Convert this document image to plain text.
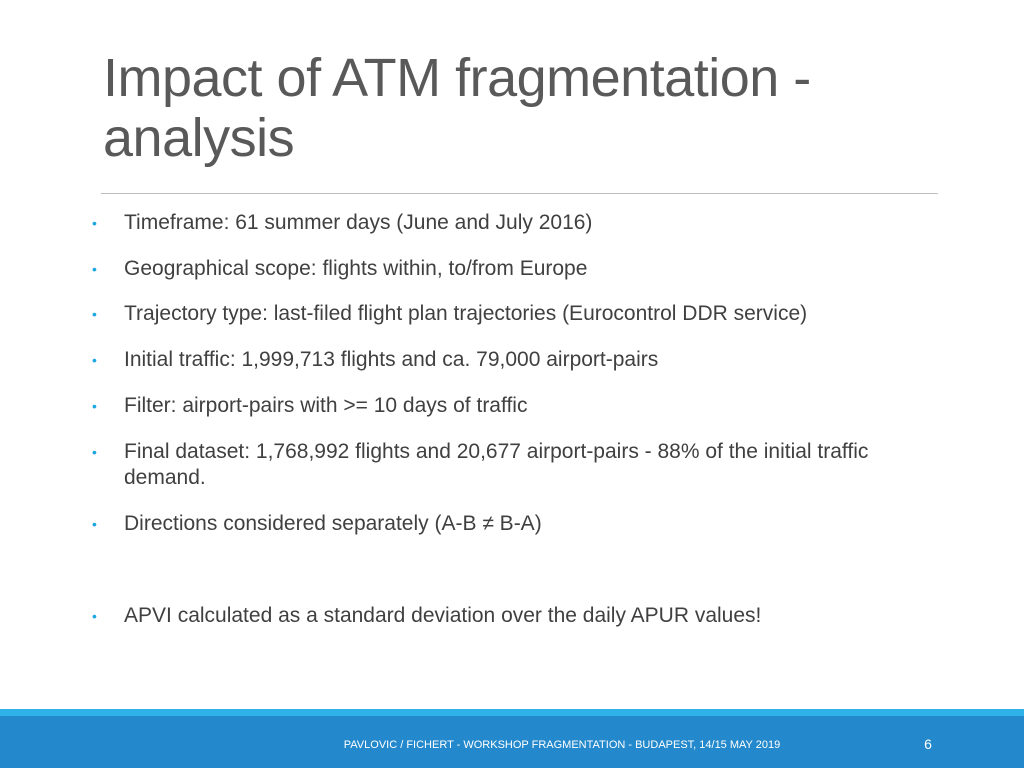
Impact of ATM fragmentation - analysis
•	Timeframe: 61 summer days (June and July 2016)
•	Geographical scope: flights within, to/from Europe
•	Trajectory type: last-filed flight plan trajectories (Eurocontrol DDR service)
•	Initial traffic: 1,999,713 flights and ca. 79,000 airport-pairs
•	Filter: airport-pairs with >= 10 days of traffic
•	Final dataset: 1,768,992 flights and 20,677 airport-pairs - 88% of the initial traffic demand.
•	Directions considered separately (A-B ≠ B-A)
•	APVI calculated as a standard deviation over the daily APUR values!
PAVLOVIC / FICHERT - WORKSHOP FRAGMENTATION - BUDAPEST, 14/15 MAY 2019	6
